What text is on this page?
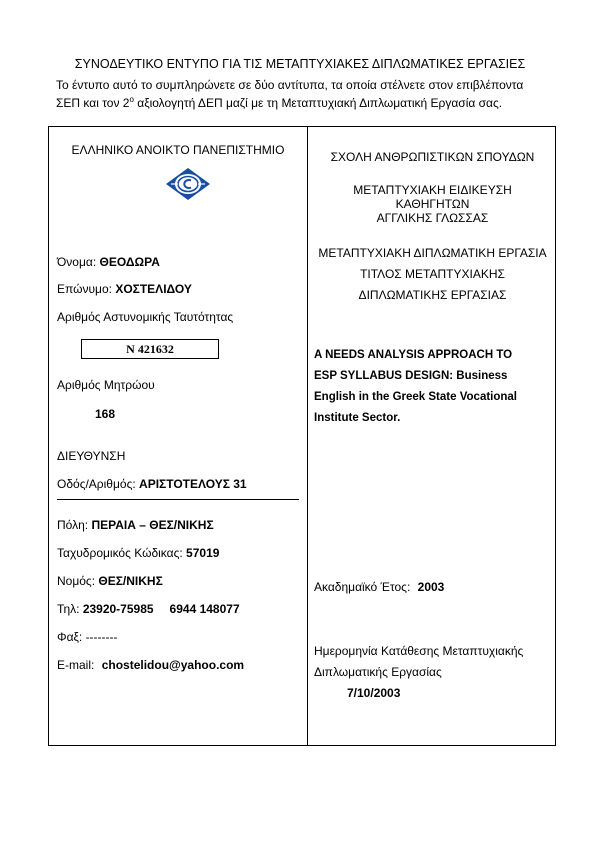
ΣΥΝΟΔΕΥΤΙΚΟ ΕΝΤΥΠΟ ΓΙΑ ΤΙΣ ΜΕΤΑΠΤΥΧΙΑΚΕΣ ΔΙΠΛΩΜΑΤΙΚΕΣ ΕΡΓΑΣΙΕΣ
Το έντυπο αυτό το συμπληρώνετε σε δύο αντίτυπα, τα οποία στέλνετε στον επιβλέποντα
ΣΕΠ και τον $2^o$ αξιολογητή ΔΕΠ μαζί με τη Μεταπτυχιακή Διπλωματική Εργασία σας.
ΕΛΛΗΝΙΚΟ ΑΝΟΙΚΤΟ ΠΑΝΕΠΙΣΤΗΜΙΟ
Όνομα: ΘΕΟΔΩΡΑ
Επώνυμο: ΧΟΣΤΕΛΙΔΟΥ
Αριθμός Αστυνομικής Ταυτότητας
Ν 421632
Αριθμός Μητρώου
168
ΔΙΕΥΘΥΝΣΗ
Οδός/Αριθμός: ΑΡΙΣΤΟΤΕΛΟΥΣ 31
Πόλη: ΠΕΡΑΙΑ – ΘΕΣ/ΝΙΚΗΣ
Ταχυδρομικός Κώδικας: 57019
Νομός: ΘΕΣ/ΝΙΚΗΣ
Τηλ: 23920-75985 6944 148077
Φαξ: --------
E-mail: chostelidou@yahoo.com
ΣΧΟΛΗ ΑΝΘΡΩΠΙΣΤΙΚΩΝ ΣΠΟΥΔΩΝ
ΜΕΤΑΠΤΥΧΙΑΚΗ ΕΙΔΙΚΕΥΣΗ
ΚΑΘΗΓΗΤΩΝ
ΑΓΓΛΙΚΗΣ ΓΛΩΣΣΑΣ
ΜΕΤΑΠΤΥΧΙΑΚΗ ΔΙΠΛΩΜΑΤΙΚΗ ΕΡΓΑΣΙΑ
ΤΙΤΛΟΣ ΜΕΤΑΠΤΥΧΙΑΚΗΣ
ΔΙΠΛΩΜΑΤΙΚΗΣ ΕΡΓΑΣΙΑΣ
A NEEDS ANALYSIS APPROACH TO
ESP SYLLABUS DESIGN: Business
English in the Greek State Vocational
Institute Sector.
Ακαδημαϊκό Έτος: 2003
Ημερομηνία Κατάθεσης Μεταπτυχιακής
Διπλωματικής Εργασίας
7/10/2003
